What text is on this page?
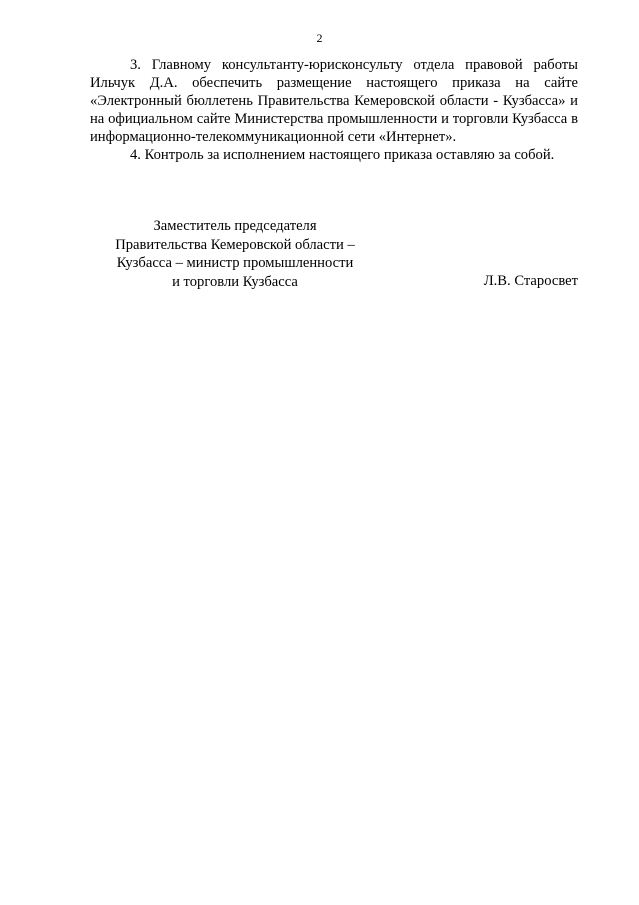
2

3. Главному консультанту-юрисконсульту отдела правовой работы Ильчук Д.А. обеспечить размещение настоящего приказа на сайте «Электронный бюллетень Правительства Кемеровской области - Кузбасса» и на официальном сайте Министерства промышленности и торговли Кузбасса в информационно-телекоммуникационной сети «Интернет».

4. Контроль за исполнением настоящего приказа оставляю за собой.

Заместитель председателя
Правительства Кемеровской области –
Кузбасса – министр промышленности
и торговли Кузбасса	Л.В. Старосвет
